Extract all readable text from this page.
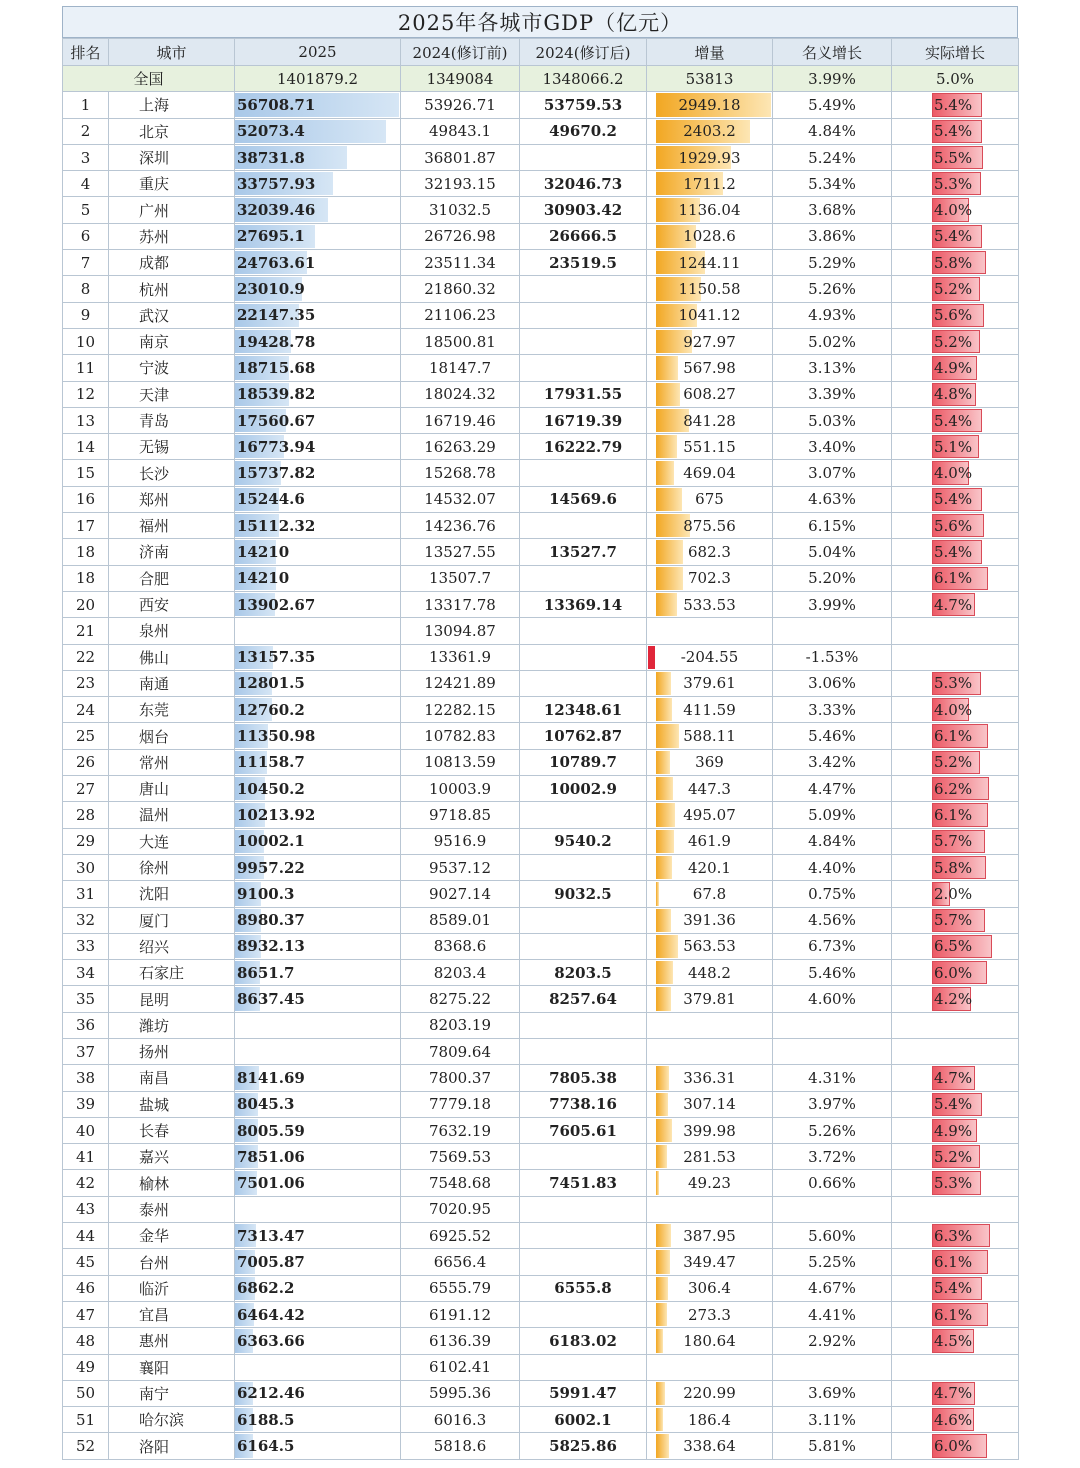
2025年各城市GDP（亿元）
排名	城市	2025	2024(修订前)	2024(修订后)	增量	名义增长	实际增长
全国		1401879.2	1349084	1348066.2	53813	3.99%	5.0%
1	上海	56708.71	53926.71	53759.53	2949.18	5.49%	5.4%
2	北京	52073.4	49843.1	49670.2	2403.2	4.84%	5.4%
3	深圳	38731.8	36801.87		1929.93	5.24%	5.5%
4	重庆	33757.93	32193.15	32046.73	1711.2	5.34%	5.3%
5	广州	32039.46	31032.5	30903.42	1136.04	3.68%	4.0%
6	苏州	27695.1	26726.98	26666.5	1028.6	3.86%	5.4%
7	成都	24763.61	23511.34	23519.5	1244.11	5.29%	5.8%
8	杭州	23010.9	21860.32		1150.58	5.26%	5.2%
9	武汉	22147.35	21106.23		1041.12	4.93%	5.6%
10	南京	19428.78	18500.81		927.97	5.02%	5.2%
11	宁波	18715.68	18147.7		567.98	3.13%	4.9%
12	天津	18539.82	18024.32	17931.55	608.27	3.39%	4.8%
13	青岛	17560.67	16719.46	16719.39	841.28	5.03%	5.4%
14	无锡	16773.94	16263.29	16222.79	551.15	3.40%	5.1%
15	长沙	15737.82	15268.78		469.04	3.07%	4.0%
16	郑州	15244.6	14532.07	14569.6	675	4.63%	5.4%
17	福州	15112.32	14236.76		875.56	6.15%	5.6%
18	济南	14210	13527.55	13527.7	682.3	5.04%	5.4%
18	合肥	14210	13507.7		702.3	5.20%	6.1%
20	西安	13902.67	13317.78	13369.14	533.53	3.99%	4.7%
21	泉州		13094.87				
22	佛山	13157.35	13361.9		-204.55	-1.53%	
23	南通	12801.5	12421.89		379.61	3.06%	5.3%
24	东莞	12760.2	12282.15	12348.61	411.59	3.33%	4.0%
25	烟台	11350.98	10782.83	10762.87	588.11	5.46%	6.1%
26	常州	11158.7	10813.59	10789.7	369	3.42%	5.2%
27	唐山	10450.2	10003.9	10002.9	447.3	4.47%	6.2%
28	温州	10213.92	9718.85		495.07	5.09%	6.1%
29	大连	10002.1	9516.9	9540.2	461.9	4.84%	5.7%
30	徐州	9957.22	9537.12		420.1	4.40%	5.8%
31	沈阳	9100.3	9027.14	9032.5	67.8	0.75%	2.0%
32	厦门	8980.37	8589.01		391.36	4.56%	5.7%
33	绍兴	8932.13	8368.6		563.53	6.73%	6.5%
34	石家庄	8651.7	8203.4	8203.5	448.2	5.46%	6.0%
35	昆明	8637.45	8275.22	8257.64	379.81	4.60%	4.2%
36	潍坊		8203.19				
37	扬州		7809.64				
38	南昌	8141.69	7800.37	7805.38	336.31	4.31%	4.7%
39	盐城	8045.3	7779.18	7738.16	307.14	3.97%	5.4%
40	长春	8005.59	7632.19	7605.61	399.98	5.26%	4.9%
41	嘉兴	7851.06	7569.53		281.53	3.72%	5.2%
42	榆林	7501.06	7548.68	7451.83	49.23	0.66%	5.3%
43	泰州		7020.95				
44	金华	7313.47	6925.52		387.95	5.60%	6.3%
45	台州	7005.87	6656.4		349.47	5.25%	6.1%
46	临沂	6862.2	6555.79	6555.8	306.4	4.67%	5.4%
47	宜昌	6464.42	6191.12		273.3	4.41%	6.1%
48	惠州	6363.66	6136.39	6183.02	180.64	2.92%	4.5%
49	襄阳		6102.41				
50	南宁	6212.46	5995.36	5991.47	220.99	3.69%	4.7%
51	哈尔滨	6188.5	6016.3	6002.1	186.4	3.11%	4.6%
52	洛阳	6164.5	5818.6	5825.86	338.64	5.81%	6.0%
